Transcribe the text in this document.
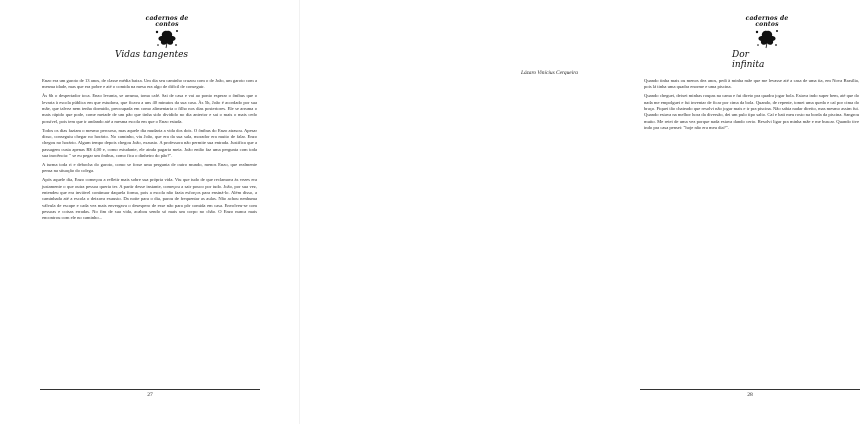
cadernos de
contos
Vidas tangentes

Enzo era um garoto de 13 anos, de classe média baixa. Um dia seu caminho cruzou com o de João, um garoto com a mesma idade, mas que era pobre e até o comida na mesa era algo de difícil de conseguir.

Às 6h o despertador toca. Enzo levanta, se arruma, toma café. Sai de casa e vai ao ponto esperar o ônibus que o levaria à escola pública em que estudava, que ficava a uns 40 minutos da sua casa. Às 5h, João é acordado por sua mãe, que talvez nem tenha dormido, preocupada em como alimentaria o filho nos dias posteriores. Ele se arruma o mais rápido que pode, come metade de um pão que tinha sido dividido no dia anterior e sai o mais o mais cedo possível, pois tem que ir andando até a mesma escola em que o Enzo estuda.

Todos os dias faziam o mesmo percurso, mas aquele dia mudaria a vida dos dois. O ônibus do Enzo atrasou. Apesar disso, conseguiu chegar no horário. No caminho, viu João, que era da sua sala, morador era muito de falar. Enzo chegou no horário. Algum tempo depois chegou João, exausto. A professora não permite sua entrada. Justifica que a passagem custa apenas R$ 4,00 e, como estudante, ele ainda pagaria meia. João então faz uma pergunta com toda sua inocência: " se eu pegar um ônibus, como fica o dinheiro do pão?".

A turma toda ri e debocha do garoto, como se fosse uma pergunta de outro mundo, menos Enzo, que realmente pensa na situação do colega.

Após aquele dia, Enzo começou a refletir mais sobre sua própria vida. Viu que tudo de que reclamava às vezes era justamente o que outra pessoa queria ter. A partir desse instante, começou a sair pouco por tudo. João, por sua vez, entendeu que era inviável continuar daquela forma, pois a escola não fazia esforços para ensiná-lo. Além disso, a caminhada até a escola o deixava exausto. Da noite para o dia, parou de frequentar as aulas. Não achou nenhuma válvula de escape e cada vez mais envergava o desespero de esse não para pôr comida em casa. Envolveu-se com pessoas e coisas erradas. No fim de sua vida, acabou sendo só mais um corpo no chão. O Enzo nunca mais encontrou com ele no caminho...

27
cadernos de
contos
Dor infinita
Lázaro Vinícius Cerqueira

Quando tinha mais ou menos dez anos, pedi à minha mãe que me levasse até a casa de uma tia, em Nova Brasília, pois lá tinha uma quadra enorme e uma piscina.

Quando cheguei, deixei minhas roupas na cama e fui direto pra quadra jogar bola. Estava indo super bem, até que do nada me empolguei e fui inventar de ficar por cima da bola. Quando, de repente, tomei uma queda e caí por cima do braço. Fiquei tão chateado que resolvi não jogar mais e ir pra piscina. Não sabia nadar direito, mas mesmo assim fui. Quando estava na melhor hora da diversão, dei um pulo tipo salto. Caí e bati meu rosto na borda da piscina. Sangrou muito. Me retei de uma vez porque nada estava dando certo. Resolvi ligar pra minha mãe e me buscar. Quando tive indo pra casa pensei: "hoje não era meu dia?".

28
